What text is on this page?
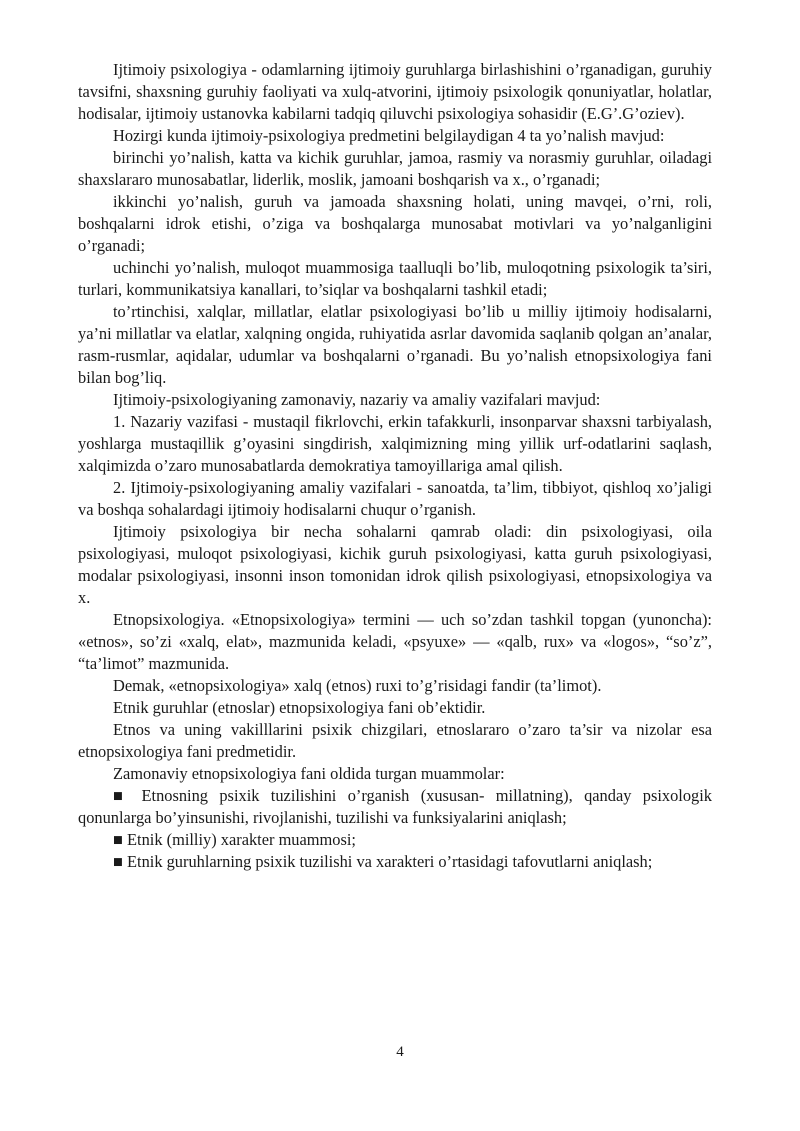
Ijtimoiy psixologiya - odamlarning ijtimoiy guruhlarga birlashishini o’rganadigan, guruhiy tavsifni, shaxsning guruhiy faoliyati va xulq-atvorini, ijtimoiy psixologik qonuniyatlar, holatlar, hodisalar, ijtimoiy ustanovka kabilarni tadqiq qiluvchi psixologiya sohasidir (E.G’.G’oziev).

Hozirgi kunda ijtimoiy-psixologiya predmetini belgilaydigan 4 ta yo’nalish mavjud:

birinchi yo’nalish, katta va kichik guruhlar, jamoa, rasmiy va norasmiy guruhlar, oiladagi shaxslararo munosabatlar, liderlik, moslik, jamoani boshqarish va x., o’rganadi;

ikkinchi yo’nalish, guruh va jamoada shaxsning holati, uning mavqei, o’rni, roli, boshqalarni idrok etishi, o’ziga va boshqalarga munosabat motivlari va yo’nalganligini o’rganadi;

uchinchi yo’nalish, muloqot muammosiga taalluqli bo’lib, muloqotning psixologik ta’siri, turlari, kommunikatsiya kanallari, to’siqlar va boshqalarni tashkil etadi;

to’rtinchisi, xalqlar, millatlar, elatlar psixologiyasi bo’lib u milliy ijtimoiy hodisalarni, ya’ni millatlar va elatlar, xalqning ongida, ruhiyatida asrlar davomida saqlanib qolgan an’analar, rasm-rusmlar, aqidalar, udumlar va boshqalarni o’rganadi. Bu yo’nalish etnopsixologiya fani bilan bog’liq.

Ijtimoiy-psixologiyaning zamonaviy, nazariy va amaliy vazifalari mavjud:

1. Nazariy vazifasi - mustaqil fikrlovchi, erkin tafakkurli, insonparvar shaxsni tarbiyalash, yoshlarga mustaqillik g’oyasini singdirish, xalqimizning ming yillik urf-odatlarini saqlash, xalqimizda o’zaro munosabatlarda demokratiya tamoyillariga amal qilish.

2. Ijtimoiy-psixologiyaning amaliy vazifalari - sanoatda, ta’lim, tibbiyot, qishloq xo’jaligi va boshqa sohalardagi ijtimoiy hodisalarni chuqur o’rganish.

Ijtimoiy psixologiya bir necha sohalarni qamrab oladi: din psixologiyasi, oila psixologiyasi, muloqot psixologiyasi, kichik guruh psixologiyasi, katta guruh psixologiyasi, modalar psixologiyasi, insonni inson tomonidan idrok qilish psixologiyasi, etnopsixologiya va x.

Etnopsixologiya. «Etnopsixologiya» termini — uch so’zdan tashkil topgan (yunoncha): «etnos», so’zi «xalq, elat», mazmunida keladi, «psyuxe» — «qalb, rux» va «logos», “so’z”, “ta’limot” mazmunida.

Demak, «etnopsixologiya» xalq (etnos) ruxi to’g’risidagi fandir (ta’limot).

Etnik guruhlar (etnoslar) etnopsixologiya fani ob’ektidir.

Etnos va uning vakilllarini psixik chizgilari, etnoslararo o’zaro ta’sir va nizolar esa etnopsixologiya fani predmetidir.

Zamonaviy etnopsixologiya fani oldida turgan muammolar:

■ Etnosning psixik tuzilishini o’rganish (xususan- millatning), qanday psixologik qonunlarga bo’yinsunishi, rivojlanishi, tuzilishi va funksiyalarini aniqlash;

■ Etnik (milliy) xarakter muammosi;

■ Etnik guruhlarning psixik tuzilishi va xarakteri o’rtasidagi tafovutlarni aniqlash;

4
